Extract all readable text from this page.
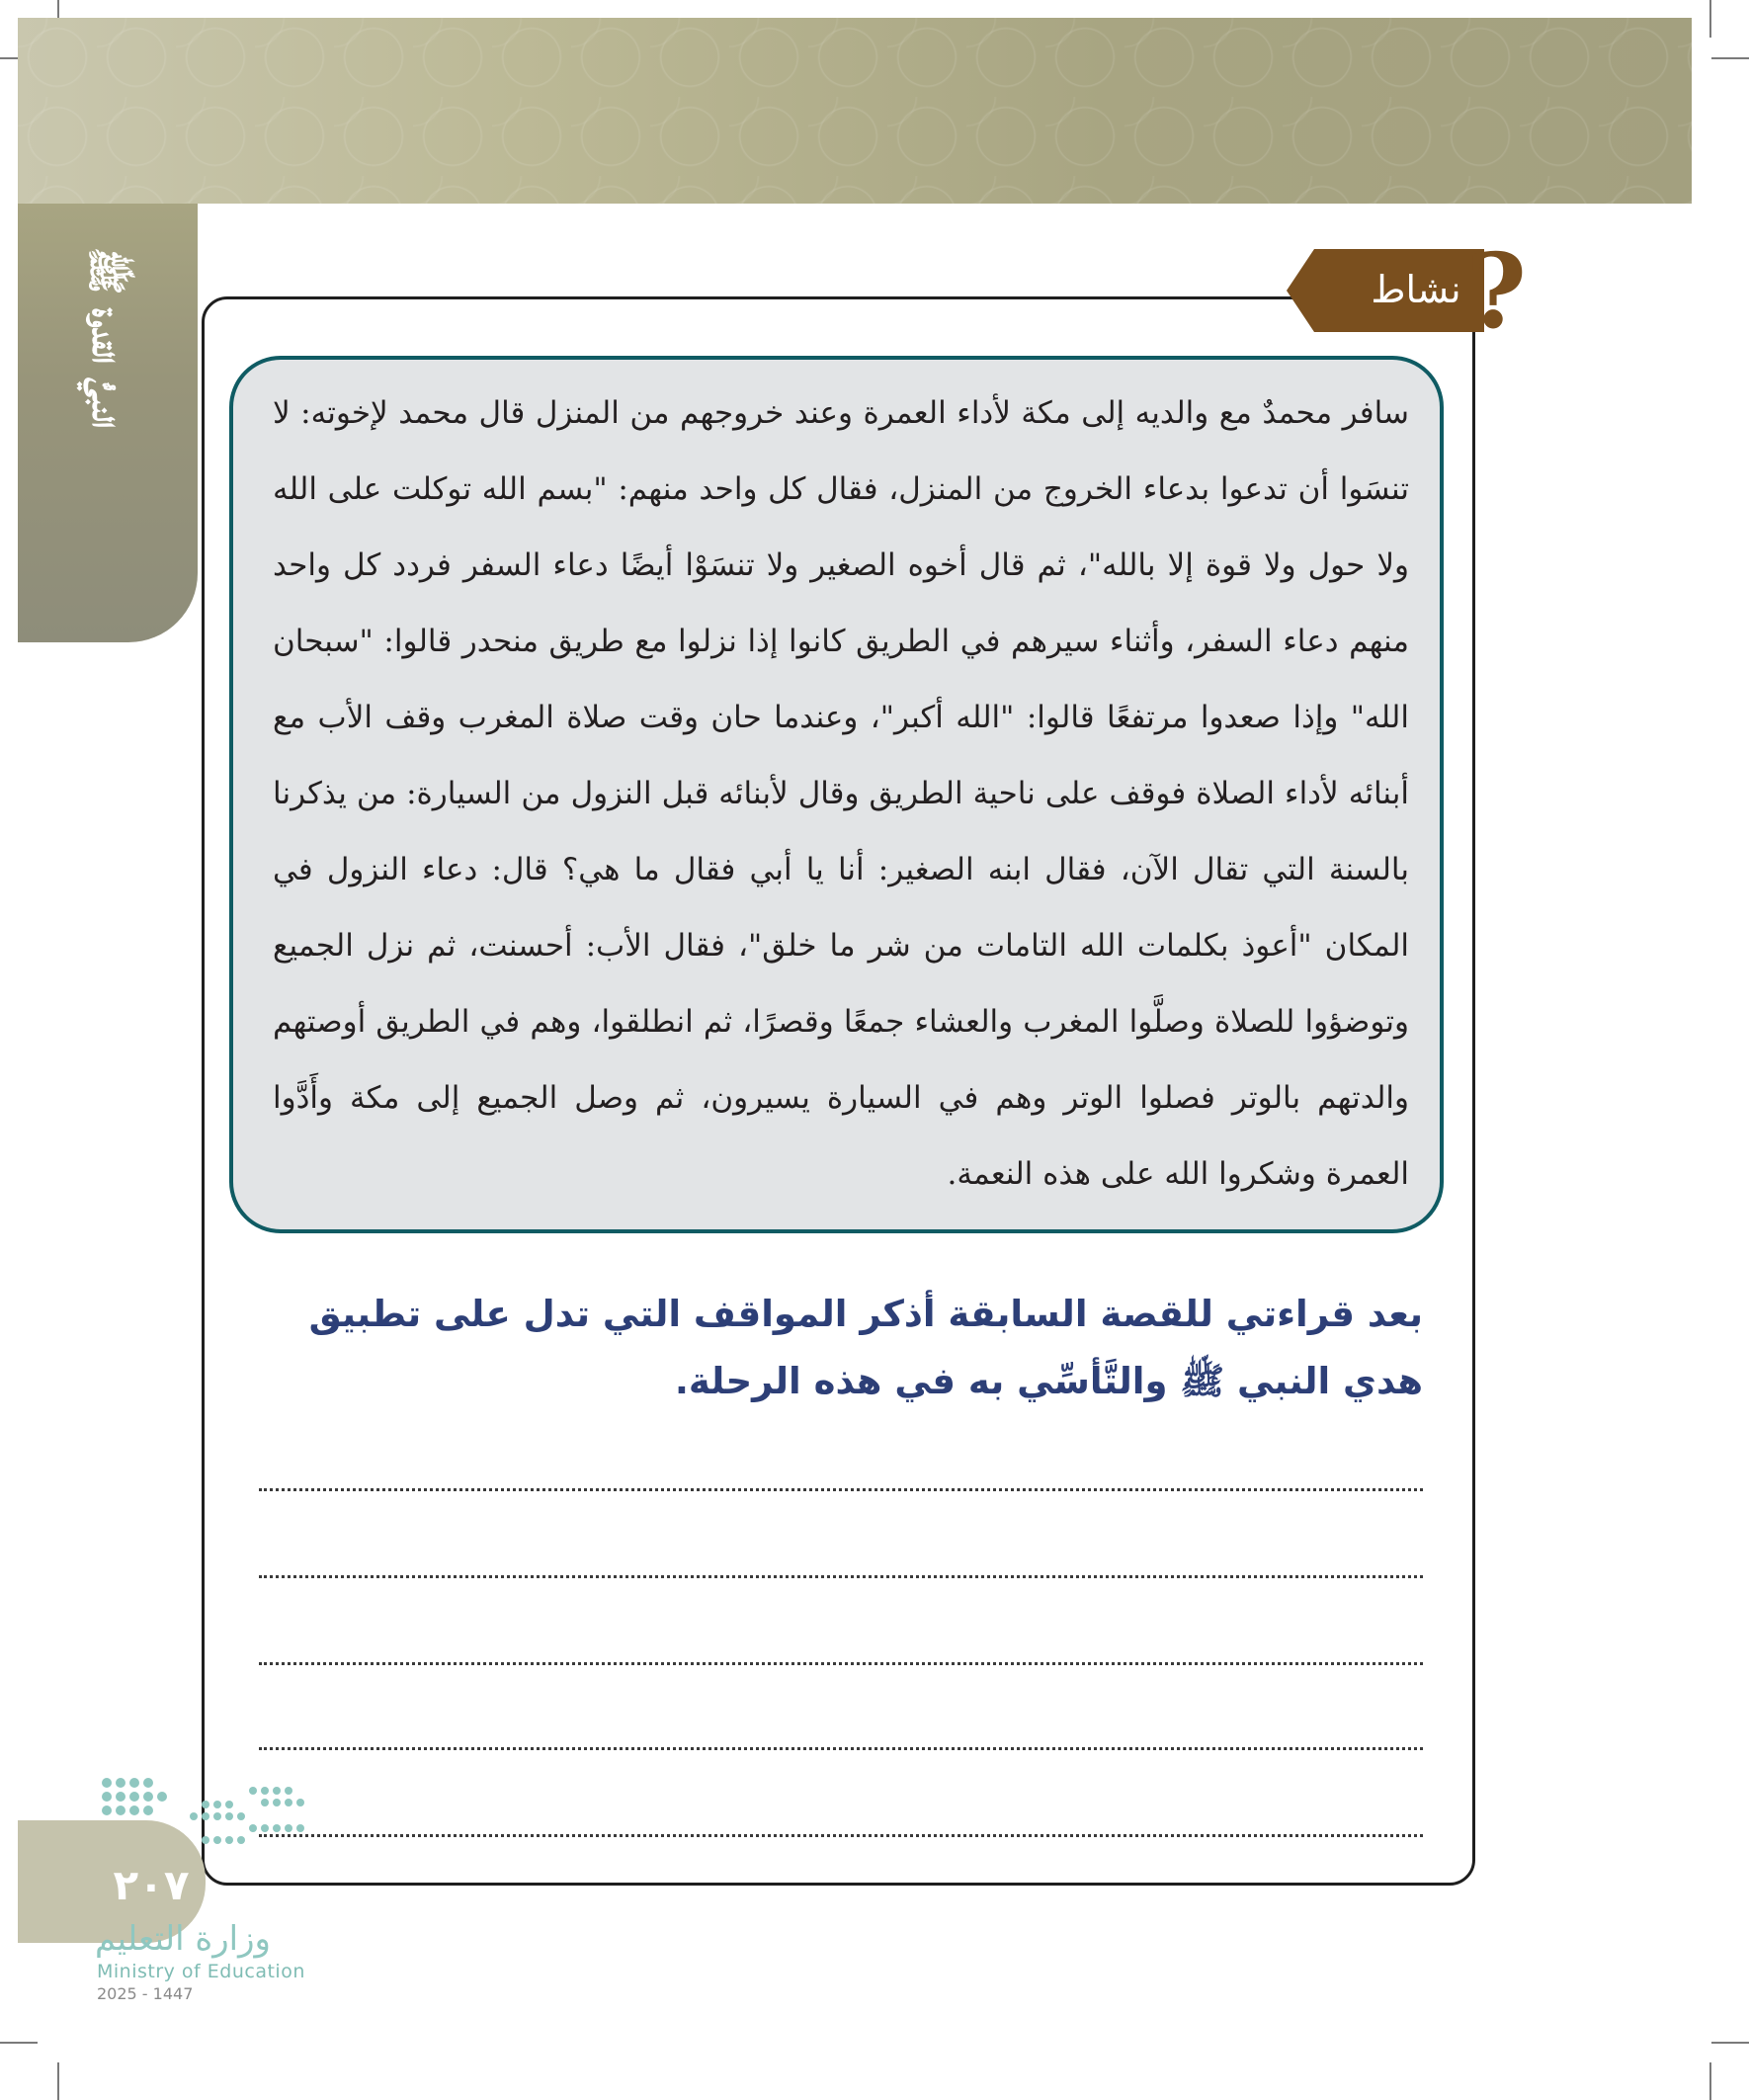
النبيُّ القدوة ﷺ	نشاط ?
سافر محمدٌ مع والديه إلى مكة لأداء العمرة وعند خروجهم من المنزل قال محمد لإخوته: لا تنسَوا أن تدعوا بدعاء الخروج من المنزل، فقال كل واحد منهم: "بسم الله توكلت على الله ولا حول ولا قوة إلا بالله"، ثم قال أخوه الصغير ولا تنسَوْا أيضًا دعاء السفر فردد كل واحد منهم دعاء السفر، وأثناء سيرهم في الطريق كانوا إذا نزلوا مع طريق منحدر قالوا: "سبحان الله" وإذا صعدوا مرتفعًا قالوا: "الله أكبر"، وعندما حان وقت صلاة المغرب وقف الأب مع أبنائه لأداء الصلاة فوقف على ناحية الطريق وقال لأبنائه قبل النزول من السيارة: من يذكرنا بالسنة التي تقال الآن، فقال ابنه الصغير: أنا يا أبي فقال ما هي؟ قال: دعاء النزول في المكان "أعوذ بكلمات الله التامات من شر ما خلق"، فقال الأب: أحسنت، ثم نزل الجميع وتوضؤوا للصلاة وصلَّوا المغرب والعشاء جمعًا وقصرًا، ثم انطلقوا، وهم في الطريق أوصتهم والدتهم بالوتر فصلوا الوتر وهم في السيارة يسيرون، ثم وصل الجميع إلى مكة وأَدَّوا العمرة وشكروا الله على هذه النعمة.
بعد قراءتي للقصة السابقة أذكر المواقف التي تدل على تطبيق هدي النبي ﷺ والتَّأسِّي به في هذه الرحلة.
٢٠٧
وزارة التعليم
Ministry of Education
2025 - 1447
